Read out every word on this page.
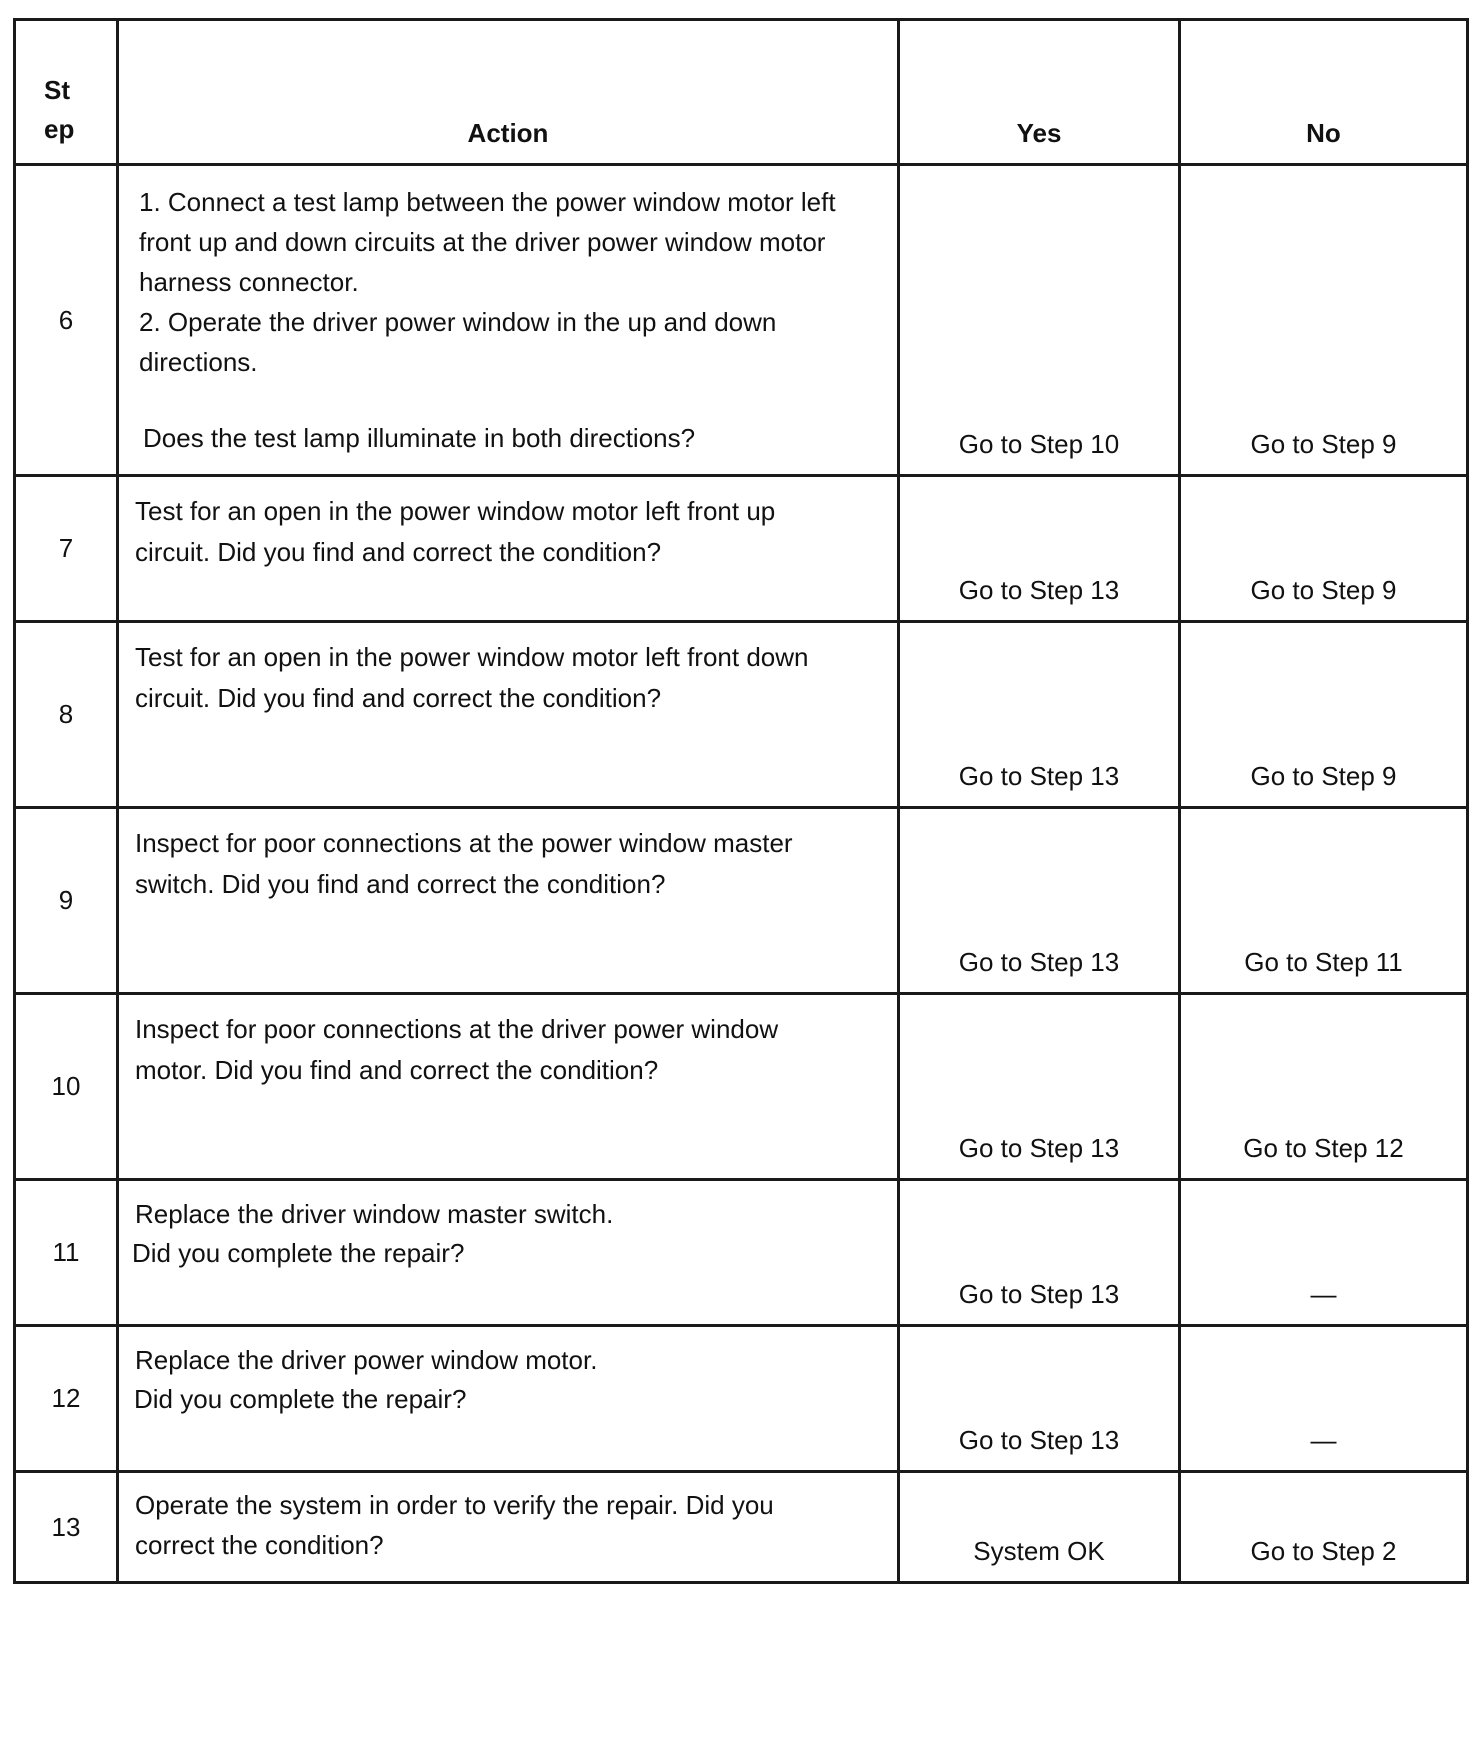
St
ep	Action	Yes	No
6	1. Connect a test lamp between the power window motor left front up and down circuits at the driver power window motor harness connector.
2. Operate the driver power window in the up and down directions.
Does the test lamp illuminate in both directions?	Go to Step 10	Go to Step 9
7	Test for an open in the power window motor left front up circuit. Did you find and correct the condition?	Go to Step 13	Go to Step 9
8	Test for an open in the power window motor left front down circuit. Did you find and correct the condition?	Go to Step 13	Go to Step 9
9	Inspect for poor connections at the power window master switch. Did you find and correct the condition?	Go to Step 13	Go to Step 11
10	Inspect for poor connections at the driver power window motor. Did you find and correct the condition?	Go to Step 13	Go to Step 12
11	Replace the driver window master switch.
Did you complete the repair?	Go to Step 13	—
12	Replace the driver power window motor.
Did you complete the repair?	Go to Step 13	—
13	Operate the system in order to verify the repair. Did you correct the condition?	System OK	Go to Step 2
